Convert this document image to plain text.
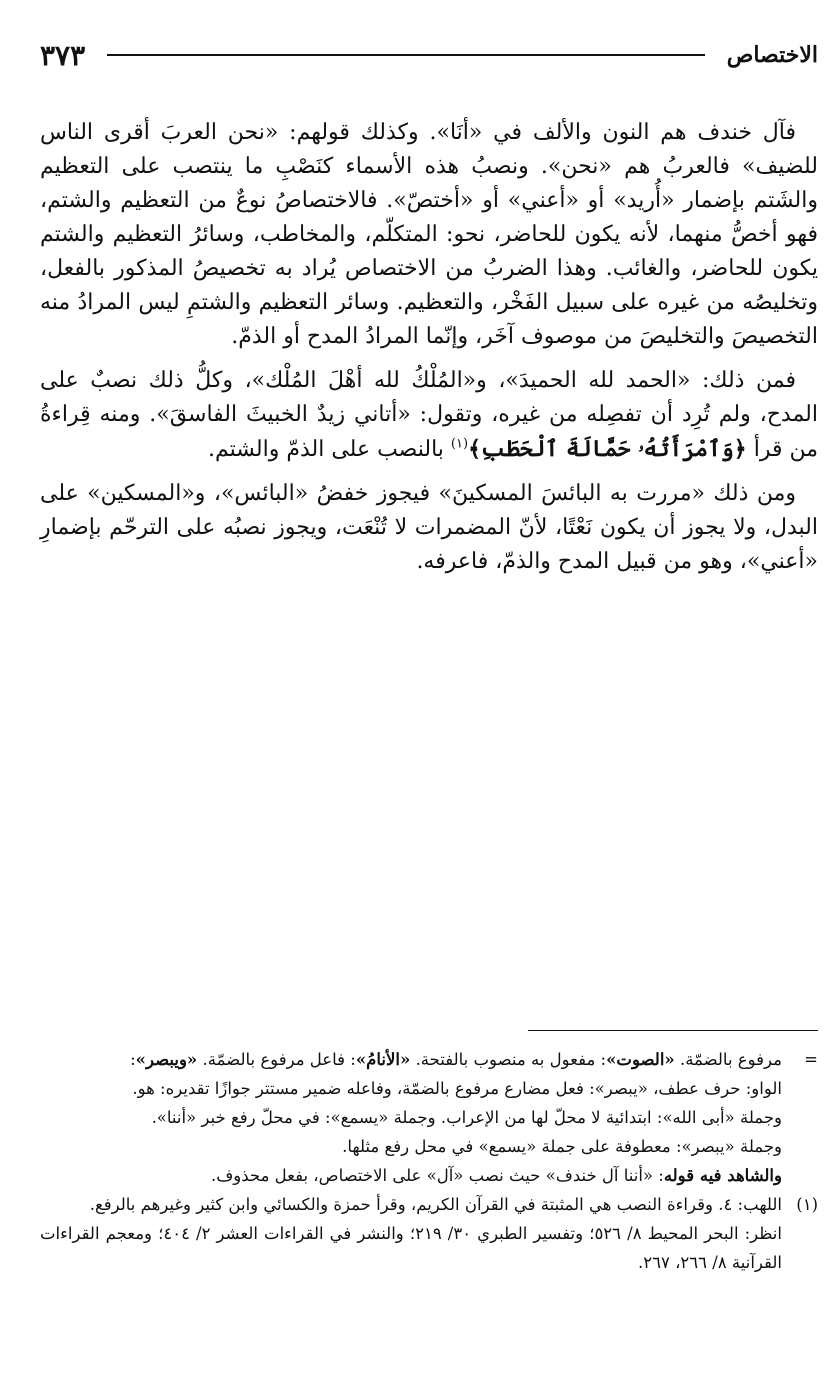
الاختصاص
٣٧٣

فآل خندف هم النون والألف في «أنَا». وكذلك قولهم: «نحن العربَ أقرى الناس للضيف» فالعربُ هم «نحن». ونصبُ هذه الأسماء كنَصْبِ ما ينتصب على التعظيم والشَتم بإضمار «أُريد» أو «أعني» أو «أختصّ». فالاختصاصُ نوعٌ من التعظيم والشتم، فهو أخصُّ منهما، لأنه يكون للحاضر، نحو: المتكلّم، والمخاطب، وسائرُ التعظيم والشتم يكون للحاضر، والغائب. وهذا الضربُ من الاختصاص يُراد به تخصيصُ المذكور بالفعل، وتخليصُه من غيره على سبيل الفَخْر، والتعظيم. وسائر التعظيم والشتمِ ليس المرادُ منه التخصيصَ والتخليصَ من موصوف آخَر، وإنّما المرادُ المدح أو الذمّ.

فمن ذلك: «الحمد لله الحميدَ»، و«المُلْكُ لله أهْلَ المُلْك»، وكلُّ ذلك نصبٌ على المدح، ولم تُرِد أن تفصِله من غيره، وتقول: «أتاني زيدٌ الخبيثَ الفاسقَ». ومنه قِراءةُ من قرأ ﴿وَٱمْرَأَتُهُۥ حَمَّالَةَ ٱلْحَطَبِ﴾$^{(١)}$ بالنصب على الذمّ والشتم.

ومن ذلك «مررت به البائسَ المسكينَ» فيجوز خفضُ «البائس»، و«المسكين» على البدل، ولا يجوز أن يكون نَعْتًا، لأنّ المضمرات لا تُنْعَت، ويجوز نصبُه على الترحّم بإضمارِ «أعني»، وهو من قبيل المدح والذمّ، فاعرفه.

=مرفوع بالضمّة. «الصوت»: مفعول به منصوب بالفتحة. «الأنامُ»: فاعل مرفوع بالضمّة. «ويبصر»:

الواو: حرف عطف، «يبصر»: فعل مضارع مرفوع بالضمّة، وفاعله ضمير مستتر جوازًا تقديره: هو.

وجملة «أبى الله»: ابتدائية لا محلّ لها من الإعراب. وجملة «يسمع»: في محلّ رفع خبر «أننا».

وجملة «يبصر»: معطوفة على جملة «يسمع» في محل رفع مثلها.

والشاهد فيه قوله: «أننا آل خندف» حيث نصب «آل» على الاختصاص، بفعل محذوف.

(١)اللهب: ٤. وقراءة النصب هي المثبتة في القرآن الكريم، وقرأ حمزة والكسائي وابن كثير وغيرهم بالرفع.

انظر: البحر المحيط ٨/ ٥٢٦؛ وتفسير الطبري ٣٠/ ٢١٩؛ والنشر في القراءات العشر ٢/ ٤٠٤؛ ومعجم القراءات القرآنية ٨/ ٢٦٦، ٢٦٧.
